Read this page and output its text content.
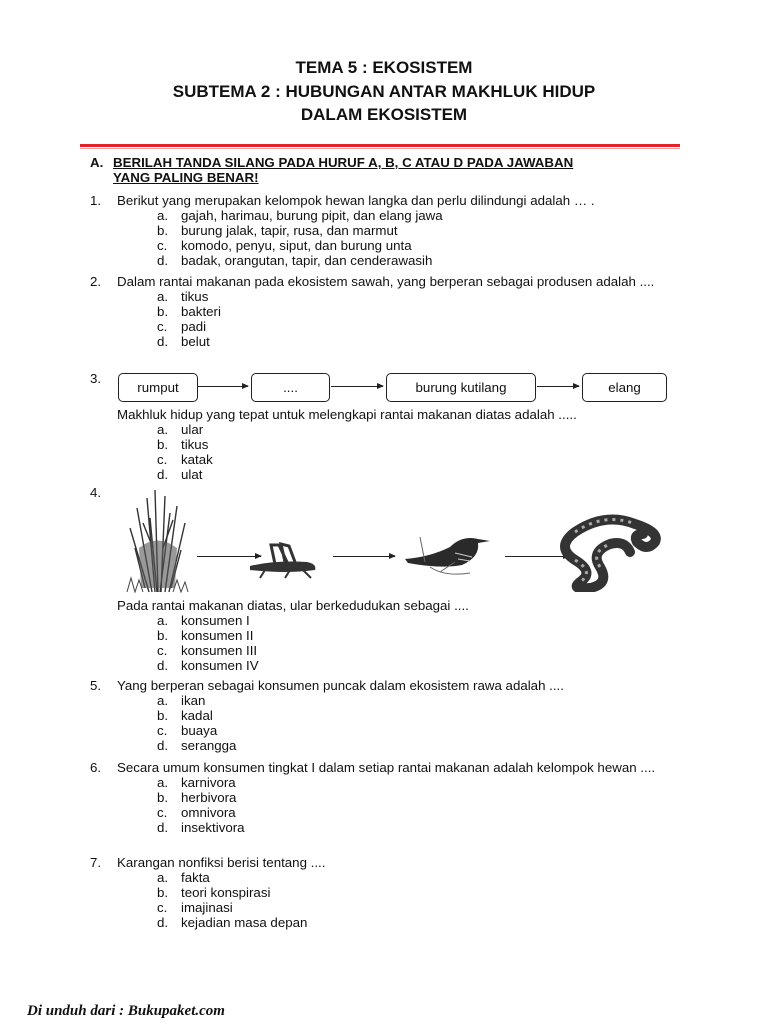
TEMA 5 : EKOSISTEM
SUBTEMA 2 : HUBUNGAN ANTAR MAKHLUK HIDUP
DALAM EKOSISTEM
A. BERILAH TANDA SILANG PADA HURUF A, B, C ATAU D PADA JAWABAN
YANG PALING BENAR!
1. Berikut yang merupakan kelompok hewan langka dan perlu dilindungi adalah … .
a. gajah, harimau, burung pipit, dan elang jawa
b. burung jalak, tapir, rusa, dan marmut
c.	komodo, penyu, siput, dan burung unta
d. badak, orangutan, tapir, dan cenderawasih
2. Dalam rantai makanan pada ekosistem sawah, yang berperan sebagai produsen adalah ....
a. tikus
b. bakteri
c.	padi
d. belut
3.
rumput	....	burung kutilang	elang
Makhluk hidup yang tepat untuk melengkapi rantai makanan diatas adalah .....
a. ular
b. tikus
c.	katak
d. ulat
4.
Pada rantai makanan diatas, ular berkedudukan sebagai ....
a. konsumen I
b. konsumen II
c.	konsumen III
d. konsumen IV
5. Yang berperan sebagai konsumen puncak dalam ekosistem rawa adalah ....
a. ikan
b. kadal
c.	buaya
d. serangga
6. Secara umum konsumen tingkat I dalam setiap rantai makanan adalah kelompok hewan ....
a. karnivora
b. herbivora
c.	omnivora
d. insektivora
7. Karangan nonfiksi berisi tentang ....
a. fakta
b. teori konspirasi
c.	imajinasi
d. kejadian masa depan
Di unduh dari : Bukupaket.com
